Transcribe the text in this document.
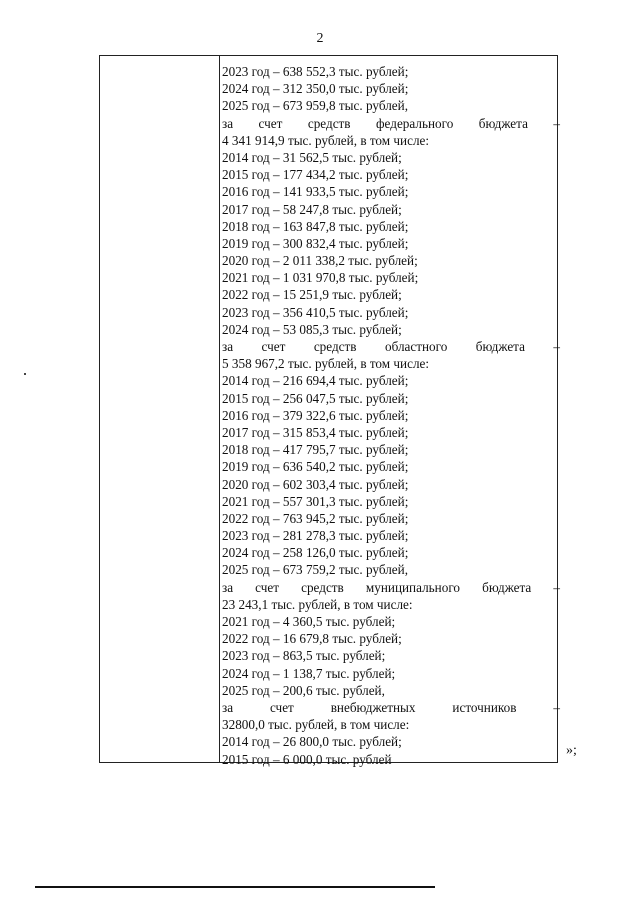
2
2023 год – 638 552,3 тыс. рублей;
2024 год – 312 350,0 тыс. рублей;
2025 год – 673 959,8 тыс. рублей,
за счет средств федерального бюджета –
4 341 914,9 тыс. рублей, в том числе:
2014 год – 31 562,5 тыс. рублей;
2015 год – 177 434,2 тыс. рублей;
2016 год – 141 933,5 тыс. рублей;
2017 год – 58 247,8 тыс. рублей;
2018 год – 163 847,8 тыс. рублей;
2019 год – 300 832,4 тыс. рублей;
2020 год – 2 011 338,2 тыс. рублей;
2021 год – 1 031 970,8 тыс. рублей;
2022 год – 15 251,9 тыс. рублей;
2023 год – 356 410,5 тыс. рублей;
2024 год – 53 085,3 тыс. рублей;
за счет средств областного бюджета –
5 358 967,2 тыс. рублей, в том числе:
2014 год – 216 694,4 тыс. рублей;
2015 год – 256 047,5 тыс. рублей;
2016 год – 379 322,6 тыс. рублей;
2017 год – 315 853,4 тыс. рублей;
2018 год – 417 795,7 тыс. рублей;
2019 год – 636 540,2 тыс. рублей;
2020 год – 602 303,4 тыс. рублей;
2021 год – 557 301,3 тыс. рублей;
2022 год – 763 945,2 тыс. рублей;
2023 год – 281 278,3 тыс. рублей;
2024 год – 258 126,0 тыс. рублей;
2025 год – 673 759,2 тыс. рублей,
за счет средств муниципального бюджета –
23 243,1 тыс. рублей, в том числе:
2021 год – 4 360,5 тыс. рублей;
2022 год – 16 679,8 тыс. рублей;
2023 год – 863,5 тыс. рублей;
2024 год – 1 138,7 тыс. рублей;
2025 год – 200,6 тыс. рублей,
за	счет	внебюджетных	источников	–
32800,0 тыс. рублей, в том числе:
2014 год – 26 800,0 тыс. рублей;
2015 год – 6 000,0 тыс. рублей
»;
